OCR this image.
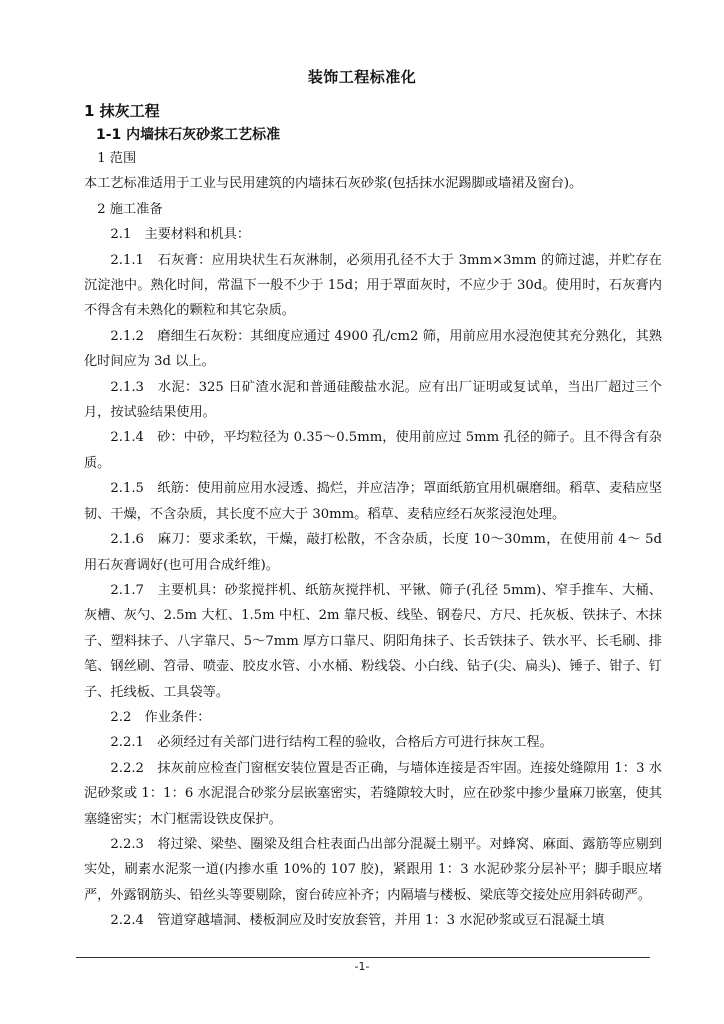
装饰工程标准化
1 抹灰工程
1-1 内墙抹石灰砂浆工艺标准

1 范围

本工艺标准适用于工业与民用建筑的内墙抹石灰砂浆(包括抹水泥踢脚或墙裙及窗台)。

2 施工准备

2.1　主要材料和机具：

2.1.1　石灰膏：应用块状生石灰淋制，必须用孔径不大于 3mm×3mm 的筛过滤，并贮存在沉淀池中。熟化时间，常温下一般不少于 15d；用于罩面灰时，不应少于 30d。使用时，石灰膏内不得含有未熟化的颗粒和其它杂质。

2.1.2　磨细生石灰粉：其细度应通过 4900 孔/cm2 筛，用前应用水浸泡使其充分熟化，其熟化时间应为 3d 以上。

2.1.3　水泥：325 日矿渣水泥和普通硅酸盐水泥。应有出厂证明或复试单，当出厂超过三个月，按试验结果使用。

2.1.4　砂：中砂，平均粒径为 0.35～0.5mm，使用前应过 5mm 孔径的筛子。且不得含有杂质。

2.1.5　纸筋：使用前应用水浸透、捣烂，并应洁净；罩面纸筋宜用机碾磨细。稻草、麦秸应坚韧、干燥，不含杂质，其长度不应大于 30mm。稻草、麦秸应经石灰浆浸泡处理。

2.1.6　麻刀：要求柔软，干燥，敲打松散，不含杂质，长度 10～30mm，在使用前 4～ 5d 用石灰膏调好(也可用合成纤维)。

2.1.7　主要机具：砂浆搅拌机、纸筋灰搅拌机、平锹、筛子(孔径 5mm)、窄手推车、大桶、灰槽、灰勺、2.5m 大杠、1.5m 中杠、2m 靠尺板、线坠、钢卷尺、方尺、托灰板、铁抹子、木抹子、塑料抹子、八字靠尺、5～7mm 厚方口靠尺、阴阳角抹子、长舌铁抹子、铁水平、长毛刷、排笔、钢丝刷、笤帚、喷壶、胶皮水管、小水桶、粉线袋、小白线、钻子(尖、扁头)、锤子、钳子、钉子、托线板、工具袋等。

2.2　作业条件：

2.2.1　必须经过有关部门进行结构工程的验收，合格后方可进行抹灰工程。

2.2.2　抹灰前应检查门窗框安装位置是否正确，与墙体连接是否牢固。连接处缝隙用 1：3 水泥砂浆或 1：1：6 水泥混合砂浆分层嵌塞密实，若缝隙较大时，应在砂浆中掺少量麻刀嵌塞，使其塞缝密实；木门框需设铁皮保护。

2.2.3　将过梁、梁垫、圈梁及组合柱表面凸出部分混凝土剔平。对蜂窝、麻面、露筋等应剔到实处，刷素水泥浆一道(内掺水重 10%的 107 胶)，紧跟用 1：3 水泥砂浆分层补平；脚手眼应堵严，外露钢筋头、铅丝头等要剔除，窗台砖应补齐；内隔墙与楼板、梁底等交接处应用斜砖砌严。

2.2.4　管道穿越墙洞、楼板洞应及时安放套管，并用 1：3 水泥砂浆或豆石混凝土填

-1-
